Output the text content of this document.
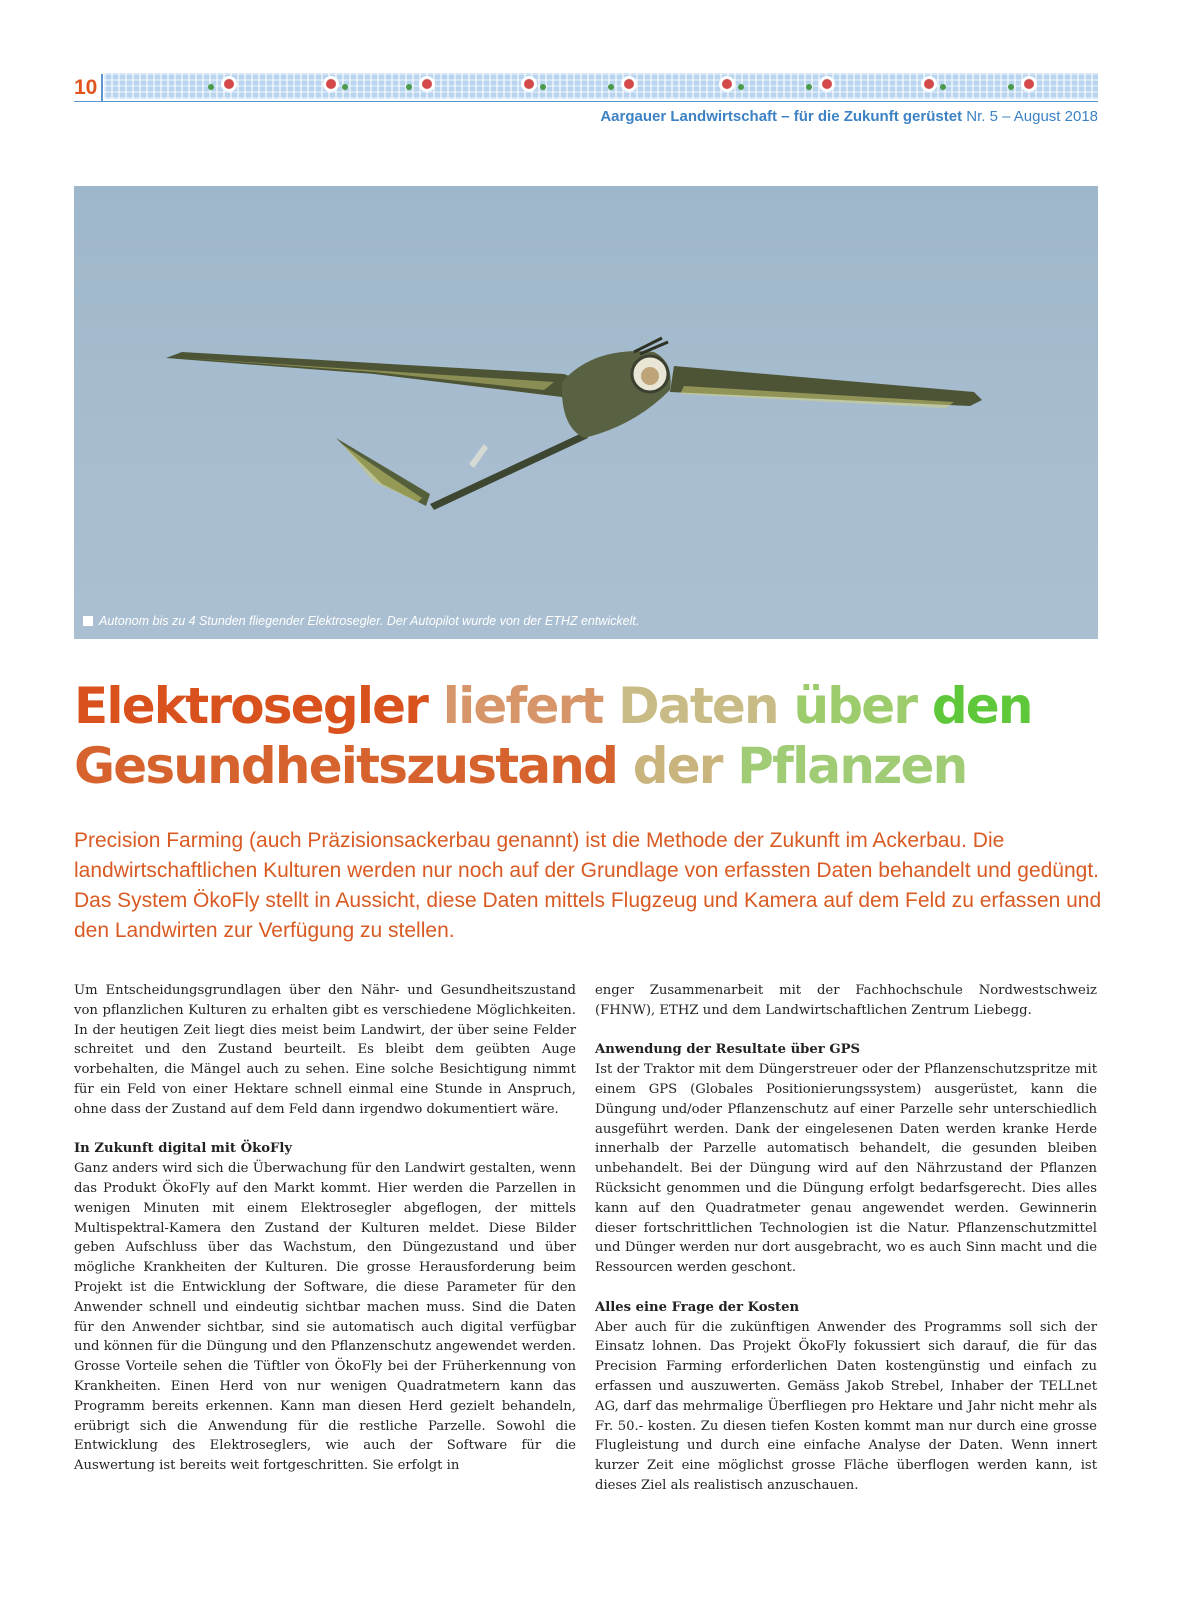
10
Aargauer Landwirtschaft – für die Zukunft gerüstet Nr. 5 – August 2018
Autonom bis zu 4 Stunden fliegender Elektrosegler. Der Autopilot wurde von der ETHZ entwickelt.
Elektrosegler liefert Daten über den
Gesundheitszustand der Pflanzen

Precision Farming (auch Präzisionsackerbau genannt) ist die Methode der Zukunft im Ackerbau. Die landwirtschaftlichen Kulturen werden nur noch auf der Grundlage von erfassten Daten behandelt und gedüngt. Das System ÖkoFly stellt in Aussicht, diese Daten mittels Flugzeug und Kamera auf dem Feld zu erfassen und den Landwirten zur Verfügung zu stellen.

Um Entscheidungsgrundlagen über den Nähr- und Gesundheitszustand von pflanzlichen Kulturen zu erhalten gibt es verschiedene Möglichkeiten. In der heutigen Zeit liegt dies meist beim Landwirt, der über seine Felder schreitet und den Zustand beurteilt. Es bleibt dem geübten Auge vorbehalten, die Mängel auch zu sehen. Eine solche Besichtigung nimmt für ein Feld von einer Hektare schnell einmal eine Stunde in Anspruch, ohne dass der Zustand auf dem Feld dann irgendwo dokumentiert wäre.

In Zukunft digital mit ÖkoFly

Ganz anders wird sich die Überwachung für den Landwirt gestalten, wenn das Produkt ÖkoFly auf den Markt kommt. Hier werden die Parzellen in wenigen Minuten mit einem Elektrosegler abgeflogen, der mittels Multispektral-Kamera den Zustand der Kulturen meldet. Diese Bilder geben Aufschluss über das Wachstum, den Düngezustand und über mögliche Krankheiten der Kulturen. Die grosse Herausforderung beim Projekt ist die Entwicklung der Software, die diese Parameter für den Anwender schnell und eindeutig sichtbar machen muss. Sind die Daten für den Anwender sichtbar, sind sie automatisch auch digital verfügbar und können für die Düngung und den Pflanzenschutz angewendet werden. Grosse Vorteile sehen die Tüftler von ÖkoFly bei der Früherkennung von Krankheiten. Einen Herd von nur wenigen Quadratmetern kann das Programm bereits erkennen. Kann man diesen Herd gezielt behandeln, erübrigt sich die Anwendung für die restliche Parzelle. Sowohl die Entwicklung des Elektroseglers, wie auch der Software für die Auswertung ist bereits weit fortgeschritten. Sie erfolgt in

enger Zusammenarbeit mit der Fachhochschule Nordwestschweiz (FHNW), ETHZ und dem Landwirtschaftlichen Zentrum Liebegg.

Anwendung der Resultate über GPS

Ist der Traktor mit dem Düngerstreuer oder der Pflanzenschutzspritze mit einem GPS (Globales Positionierungssystem) ausgerüstet, kann die Düngung und/oder Pflanzenschutz auf einer Parzelle sehr unterschiedlich ausgeführt werden. Dank der eingelesenen Daten werden kranke Herde innerhalb der Parzelle automatisch behandelt, die gesunden bleiben unbehandelt. Bei der Düngung wird auf den Nährzustand der Pflanzen Rücksicht genommen und die Düngung erfolgt bedarfsgerecht. Dies alles kann auf den Quadratmeter genau angewendet werden. Gewinnerin dieser fortschrittlichen Technologien ist die Natur. Pflanzenschutzmittel und Dünger werden nur dort ausgebracht, wo es auch Sinn macht und die Ressourcen werden geschont.

Alles eine Frage der Kosten

Aber auch für die zukünftigen Anwender des Programms soll sich der Einsatz lohnen. Das Projekt ÖkoFly fokussiert sich darauf, die für das Precision Farming erforderlichen Daten kostengünstig und einfach zu erfassen und auszuwerten. Gemäss Jakob Strebel, Inhaber der TELLnet AG, darf das mehrmalige Überfliegen pro Hektare und Jahr nicht mehr als Fr. 50.- kosten. Zu diesen tiefen Kosten kommt man nur durch eine grosse Flugleistung und durch eine einfache Analyse der Daten. Wenn innert kurzer Zeit eine möglichst grosse Fläche überflogen werden kann, ist dieses Ziel als realistisch anzuschauen.
